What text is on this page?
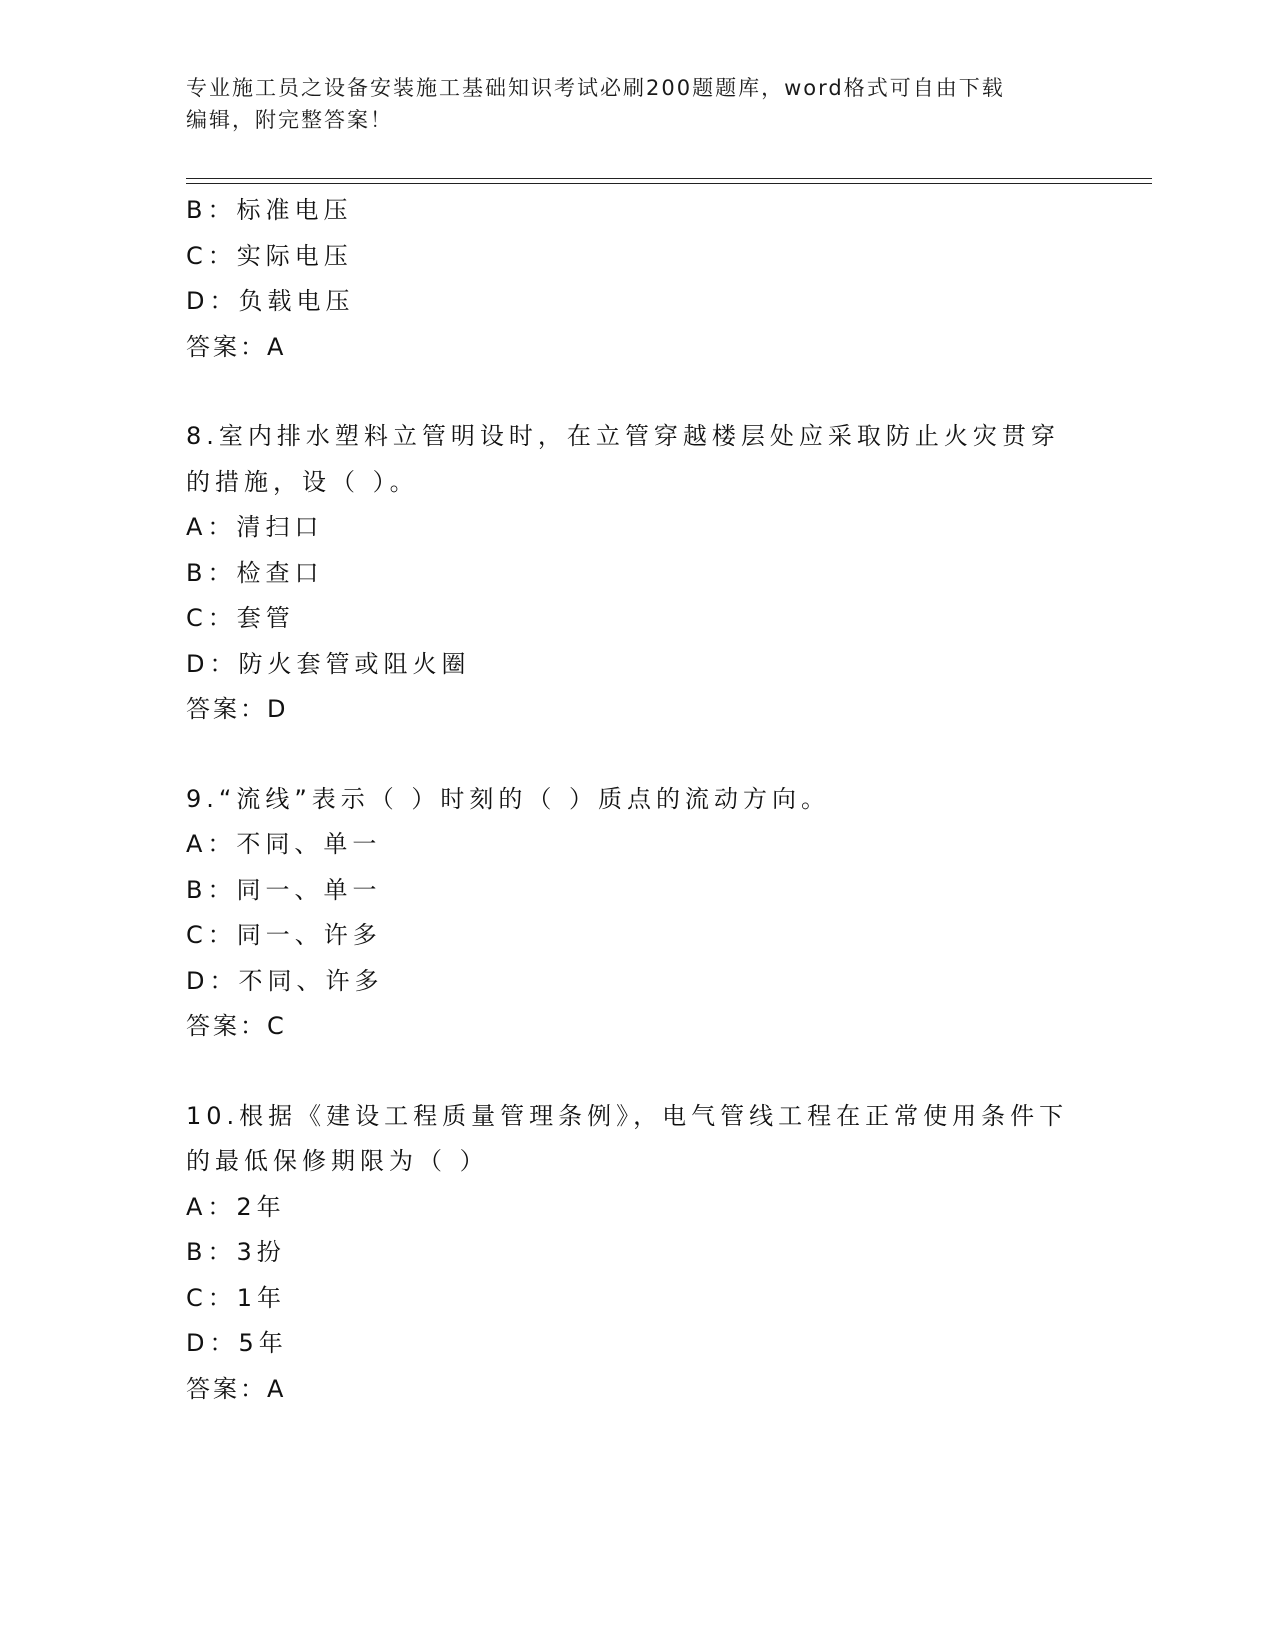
专业施工员之设备安装施工基础知识考试必刷200题题库，word格式可自由下载
编辑，附完整答案！
B：标准电压
C：实际电压
D：负载电压
答案：A
8.室内排水塑料立管明设时，在立管穿越楼层处应采取防止火灾贯穿
的措施，设（ ）。
A：清扫口
B：检查口
C：套管
D：防火套管或阻火圈
答案：D
9.“流线”表示（ ）时刻的（ ）质点的流动方向。
A：不同、单一
B：同一、单一
C：同一、许多
D：不同、许多
答案：C
10.根据《建设工程质量管理条例》，电气管线工程在正常使用条件下
的最低保修期限为（ ）
A：2年
B：3扮
C：1年
D：5年
答案：A
